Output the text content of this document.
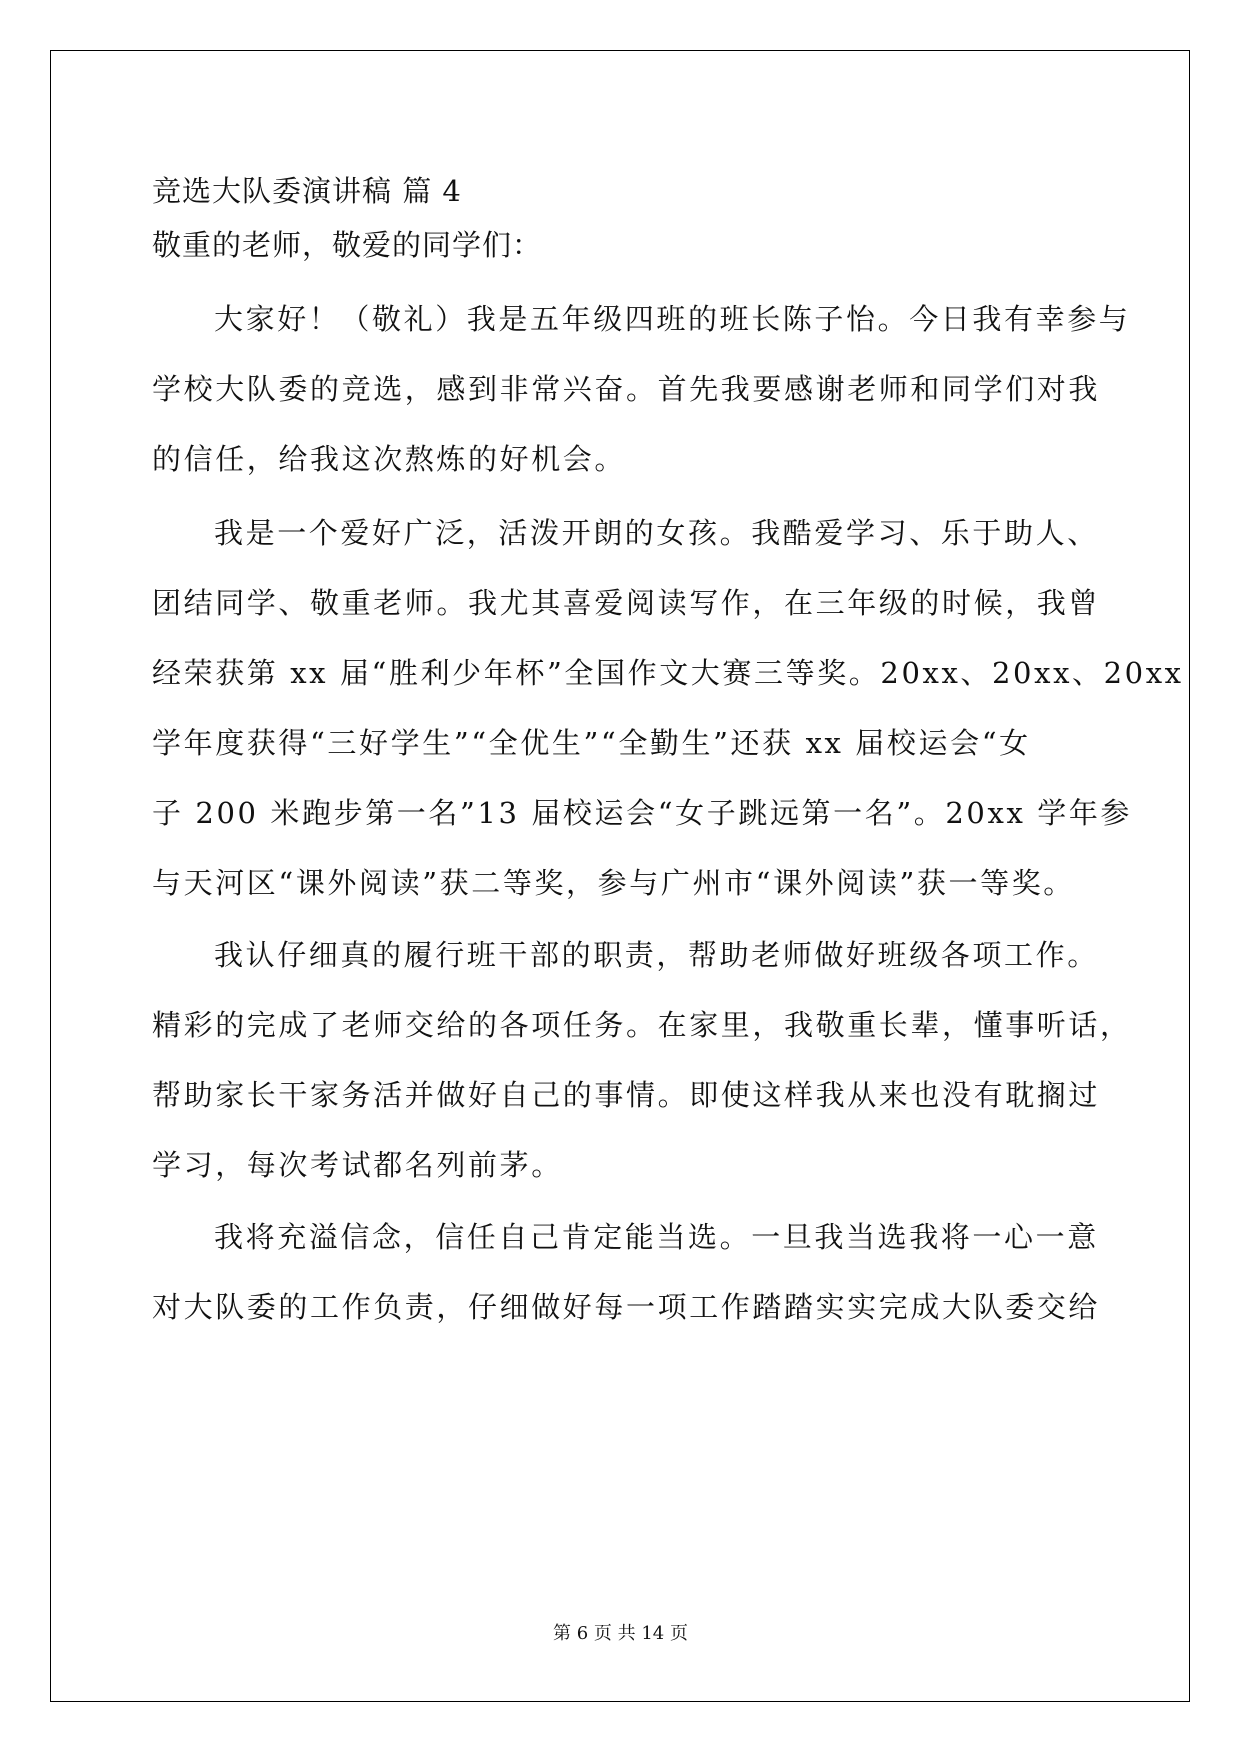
竞选大队委演讲稿 篇 4
敬重的老师，敬爱的同学们：
大家好！（敬礼）我是五年级四班的班长陈子怡。今日我有幸参与
学校大队委的竞选，感到非常兴奋。首先我要感谢老师和同学们对我
的信任，给我这次熬炼的好机会。
我是一个爱好广泛，活泼开朗的女孩。我酷爱学习、乐于助人、
团结同学、敬重老师。我尤其喜爱阅读写作，在三年级的时候，我曾
经荣获第 xx 届“胜利少年杯”全国作文大赛三等奖。20xx、20xx、20xx
学年度获得“三好学生”“全优生”“全勤生”还获 xx 届校运会“女
子 200 米跑步第一名”13 届校运会“女子跳远第一名”。20xx 学年参
与天河区“课外阅读”获二等奖，参与广州市“课外阅读”获一等奖。
我认仔细真的履行班干部的职责，帮助老师做好班级各项工作。
精彩的完成了老师交给的各项任务。在家里，我敬重长辈，懂事听话，
帮助家长干家务活并做好自己的事情。即使这样我从来也没有耽搁过
学习，每次考试都名列前茅。
我将充溢信念，信任自己肯定能当选。一旦我当选我将一心一意
对大队委的工作负责，仔细做好每一项工作踏踏实实完成大队委交给
第 6 页 共 14 页
